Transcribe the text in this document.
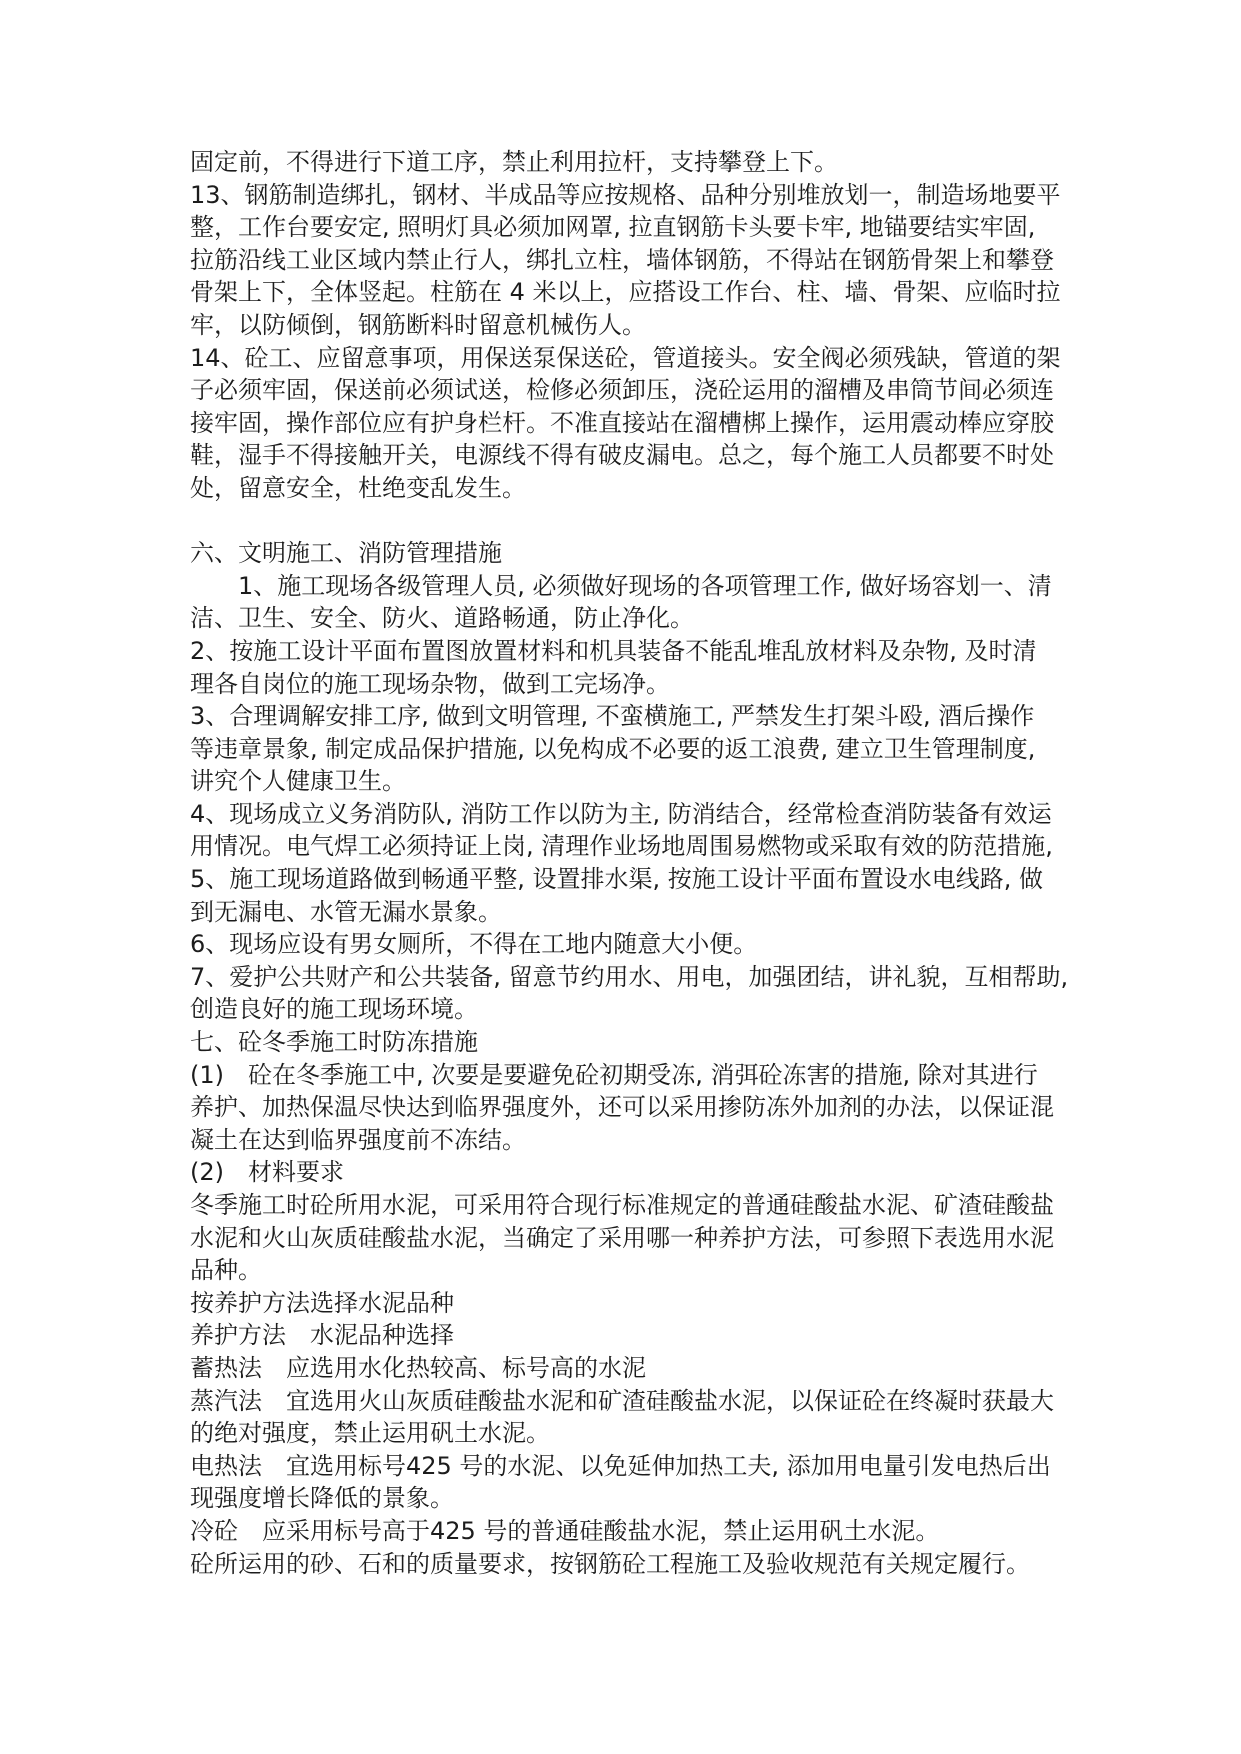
固定前，不得进行下道工序，禁止利用拉杆，支持攀登上下。
13、钢筋制造绑扎，钢材、半成品等应按规格、品种分别堆放划一，制造场地要平
整，工作台要安定, 照明灯具必须加网罩, 拉直钢筋卡头要卡牢, 地锚要结实牢固,
拉筋沿线工业区域内禁止行人，绑扎立柱，墙体钢筋，不得站在钢筋骨架上和攀登
骨架上下，全体竖起。柱筋在 4 米以上，应搭设工作台、柱、墙、骨架、应临时拉
牢，以防倾倒，钢筋断料时留意机械伤人。
14、砼工、应留意事项，用保送泵保送砼，管道接头。安全阀必须残缺，管道的架
子必须牢固，保送前必须试送，检修必须卸压，浇砼运用的溜槽及串筒节间必须连
接牢固，操作部位应有护身栏杆。不准直接站在溜槽梆上操作，运用震动棒应穿胶
鞋，湿手不得接触开关，电源线不得有破皮漏电。总之，每个施工人员都要不时处
处，留意安全，杜绝变乱发生。
六、文明施工、消防管理措施
1、施工现场各级管理人员, 必须做好现场的各项管理工作, 做好场容划一、清
洁、卫生、安全、防火、道路畅通，防止净化。
2、按施工设计平面布置图放置材料和机具装备不能乱堆乱放材料及杂物, 及时清
理各自岗位的施工现场杂物，做到工完场净。
3、合理调解安排工序, 做到文明管理, 不蛮横施工, 严禁发生打架斗殴, 酒后操作
等违章景象, 制定成品保护措施, 以免构成不必要的返工浪费, 建立卫生管理制度,
讲究个人健康卫生。
4、现场成立义务消防队, 消防工作以防为主, 防消结合，经常检查消防装备有效运
用情况。电气焊工必须持证上岗, 清理作业场地周围易燃物或采取有效的防范措施,
5、施工现场道路做到畅通平整, 设置排水渠, 按施工设计平面布置设水电线路, 做
到无漏电、水管无漏水景象。
6、现场应设有男女厕所，不得在工地内随意大小便。
7、爱护公共财产和公共装备, 留意节约用水、用电，加强团结，讲礼貌，互相帮助,
创造良好的施工现场环境。
七、砼冬季施工时防冻措施
(1)　砼在冬季施工中, 次要是要避免砼初期受冻, 消弭砼冻害的措施, 除对其进行
养护、加热保温尽快达到临界强度外，还可以采用掺防冻外加剂的办法，以保证混
凝土在达到临界强度前不冻结。
(2)　材料要求
冬季施工时砼所用水泥，可采用符合现行标准规定的普通硅酸盐水泥、矿渣硅酸盐
水泥和火山灰质硅酸盐水泥，当确定了采用哪一种养护方法，可参照下表选用水泥
品种。
按养护方法选择水泥品种
养护方法　水泥品种选择
蓄热法　应选用水化热较高、标号高的水泥
蒸汽法　宜选用火山灰质硅酸盐水泥和矿渣硅酸盐水泥，以保证砼在终凝时获最大
的绝对强度，禁止运用矾土水泥。
电热法　宜选用标号425 号的水泥、以免延伸加热工夫, 添加用电量引发电热后出
现强度增长降低的景象。
冷砼　应采用标号高于425 号的普通硅酸盐水泥，禁止运用矾土水泥。
砼所运用的砂、石和的质量要求，按钢筋砼工程施工及验收规范有关规定履行。
